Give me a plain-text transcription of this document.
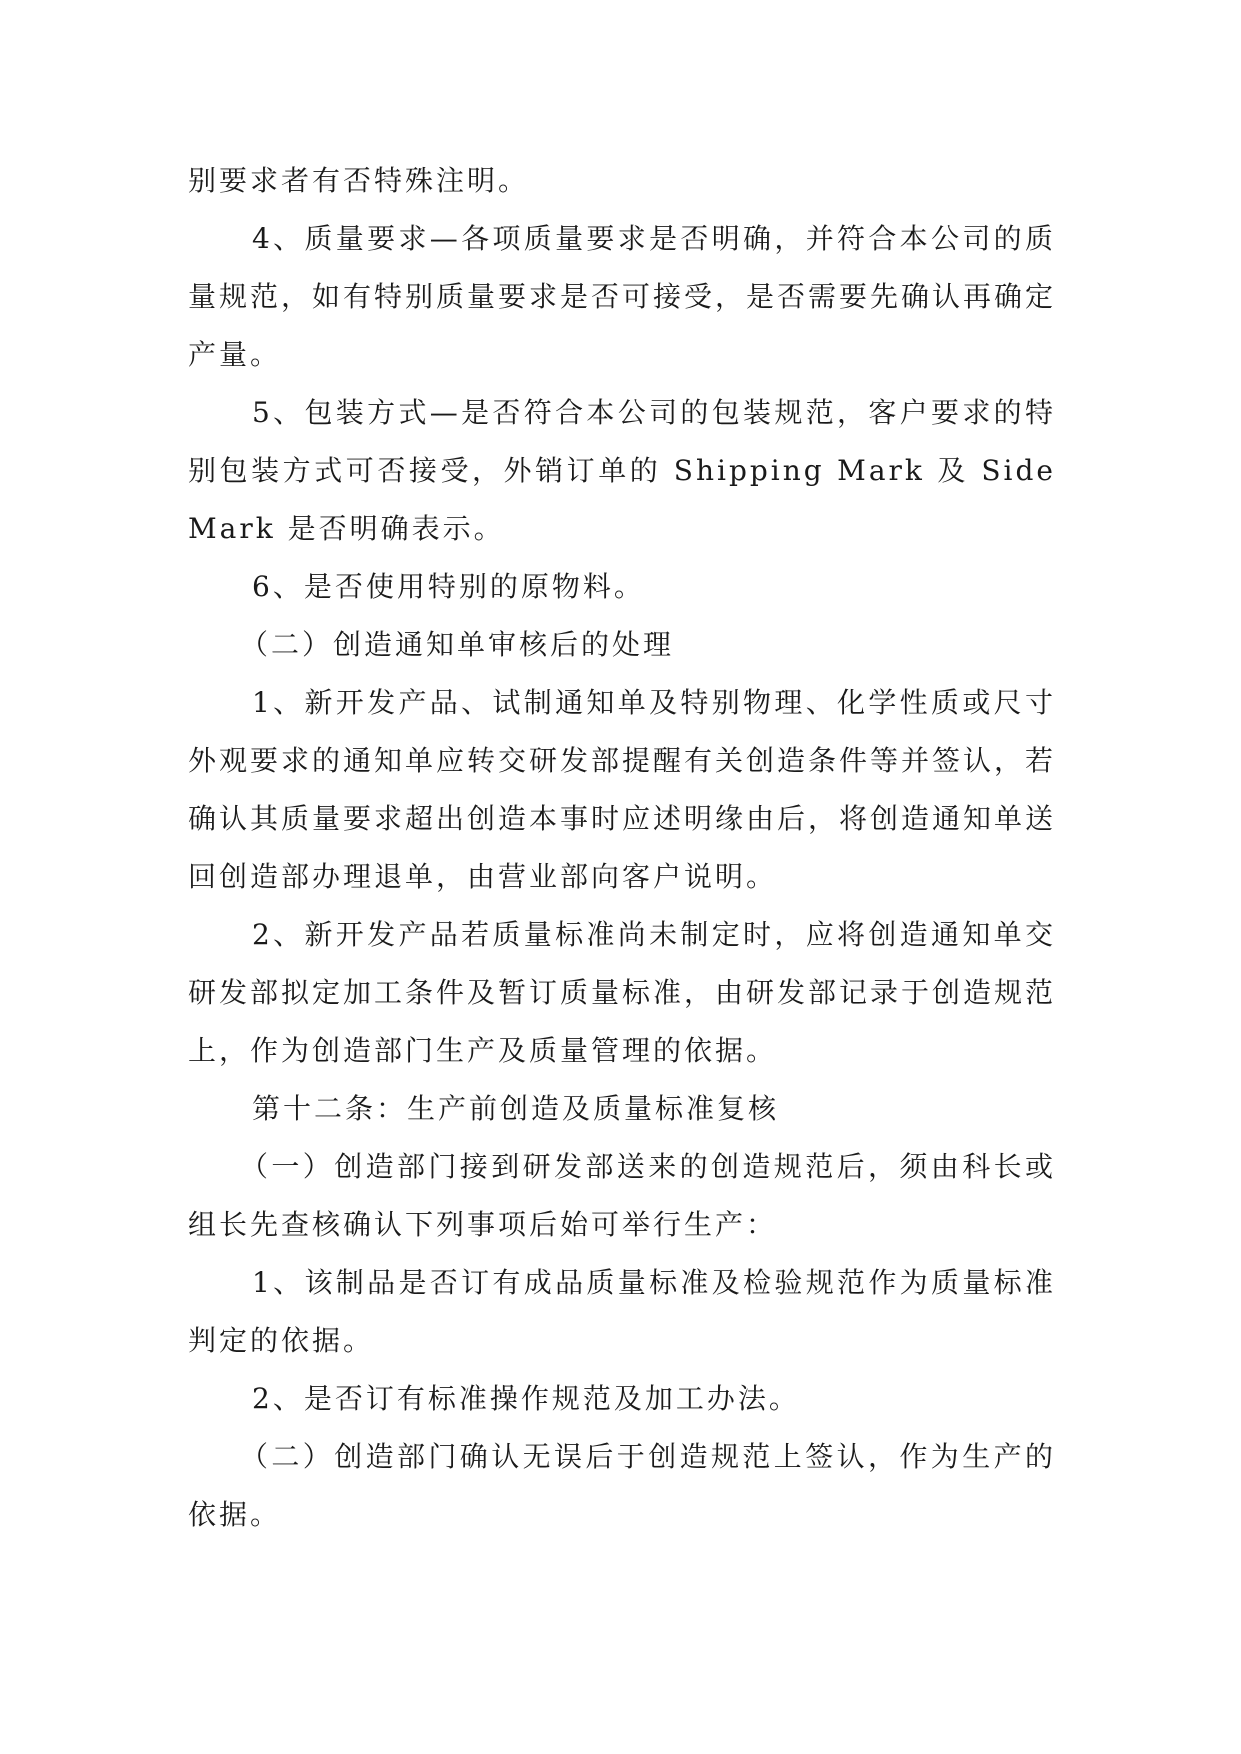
别要求者有否特殊注明。

4、质量要求—各项质量要求是否明确，并符合本公司的质量规范，如有特别质量要求是否可接受，是否需要先确认再确定产量。

5、包装方式—是否符合本公司的包装规范，客户要求的特别包装方式可否接受，外销订单的 Shipping Mark 及 Side Mark 是否明确表示。

6、是否使用特别的原物料。

（二）创造通知单审核后的处理

1、新开发产品、试制通知单及特别物理、化学性质或尺寸外观要求的通知单应转交研发部提醒有关创造条件等并签认，若确认其质量要求超出创造本事时应述明缘由后，将创造通知单送回创造部办理退单，由营业部向客户说明。

2、新开发产品若质量标准尚未制定时，应将创造通知单交研发部拟定加工条件及暂订质量标准，由研发部记录于创造规范上，作为创造部门生产及质量管理的依据。

第十二条：生产前创造及质量标准复核

（一）创造部门接到研发部送来的创造规范后，须由科长或组长先查核确认下列事项后始可举行生产：

1、该制品是否订有成品质量标准及检验规范作为质量标准判定的依据。

2、是否订有标准操作规范及加工办法。

（二）创造部门确认无误后于创造规范上签认，作为生产的依据。
